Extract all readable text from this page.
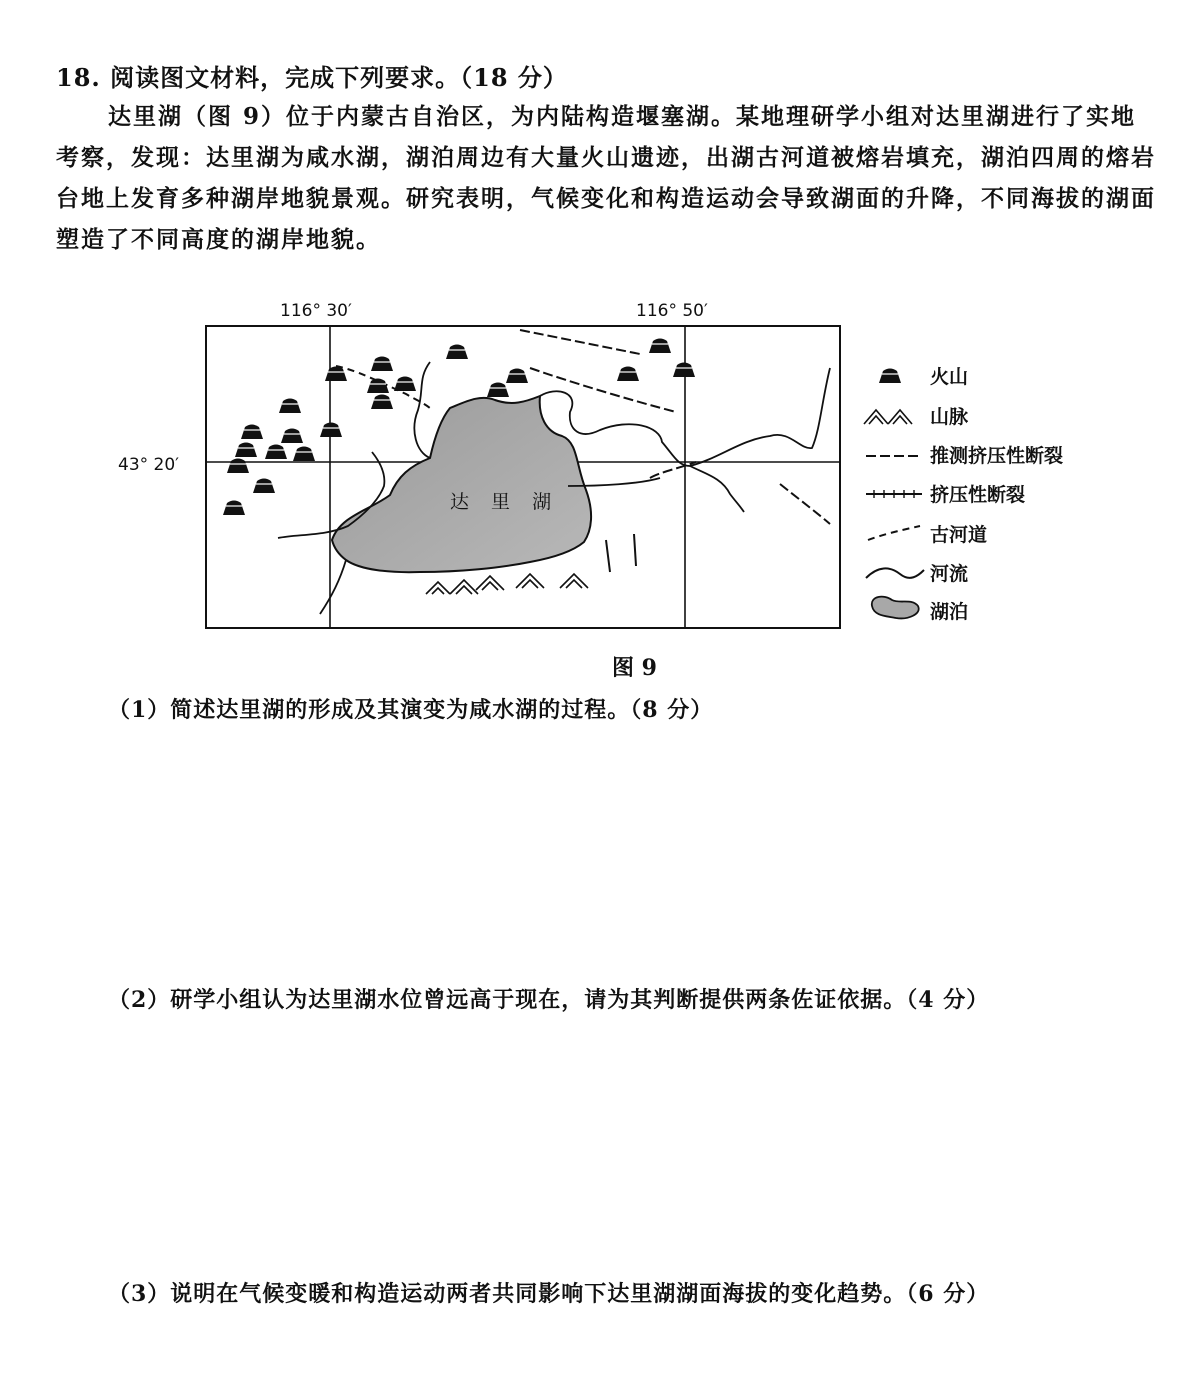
18. 阅读图文材料，完成下列要求。（18 分）
达里湖（图 9）位于内蒙古自治区，为内陆构造堰塞湖。某地理研学小组对达里湖进行了实地考察，发现：达里湖为咸水湖，湖泊周边有大量火山遗迹，出湖古河道被熔岩填充，湖泊四周的熔岩台地上发育多种湖岸地貌景观。研究表明，气候变化和构造运动会导致湖面的升降，不同海拔的湖面塑造了不同高度的湖岸地貌。
116° 30′	116° 50′
43° 20′
达 里 湖
火山
山脉
推测挤压性断裂
挤压性断裂
古河道
河流
湖泊
图 9
（1）简述达里湖的形成及其演变为咸水湖的过程。（8 分）
（2）研学小组认为达里湖水位曾远高于现在，请为其判断提供两条佐证依据。（4 分）
（3）说明在气候变暖和构造运动两者共同影响下达里湖湖面海拔的变化趋势。（6 分）
